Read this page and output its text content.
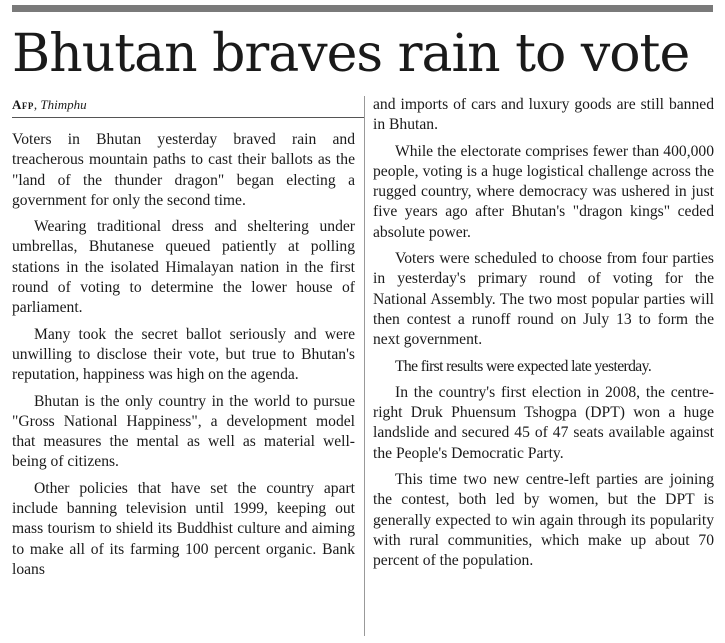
Bhutan braves rain to vote
Afp, Thimphu

Voters in Bhutan yesterday braved rain and treacherous mountain paths to cast their ballots as the "land of the thunder dragon" began electing a government for only the second time.

Wearing traditional dress and sheltering under umbrellas, Bhutanese queued patiently at polling stations in the isolated Himalayan nation in the first round of voting to determine the lower house of parliament.

Many took the secret ballot seriously and were unwilling to disclose their vote, but true to Bhutan's reputation, happiness was high on the agenda.

Bhutan is the only country in the world to pursue "Gross National Happiness", a development model that measures the mental as well as material well-being of citizens.

Other policies that have set the country apart include banning television until 1999, keeping out mass tourism to shield its Buddhist culture and aiming to make all of its farming 100 percent organic. Bank loans

and imports of cars and luxury goods are still banned in Bhutan.

While the electorate comprises fewer than 400,000 people, voting is a huge logistical challenge across the rugged country, where democracy was ushered in just five years ago after Bhutan's "dragon kings" ceded absolute power.

Voters were scheduled to choose from four parties in yesterday's primary round of voting for the National Assembly. The two most popular parties will then contest a runoff round on July 13 to form the next government.

The first results were expected late yesterday.

In the country's first election in 2008, the centre-right Druk Phuensum Tshogpa (DPT) won a huge landslide and secured 45 of 47 seats available against the People's Democratic Party.

This time two new centre-left parties are joining the contest, both led by women, but the DPT is generally expected to win again through its popularity with rural communities, which make up about 70 percent of the population.
